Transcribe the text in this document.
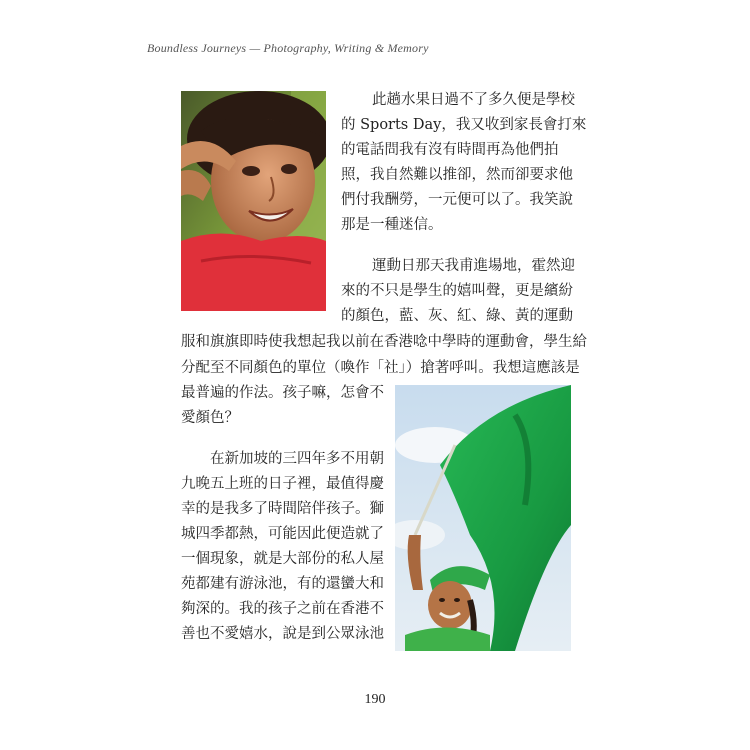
Boundless Journeys — Photography, Writing & Memory
此趟水果日過不了多久便是學校
的 Sports Day，我又收到家長會打來
的電話問我有沒有時間再為他們拍
照，我自然難以推卻，然而卻要求他
們付我酬勞，一元便可以了。我笑說
那是一種迷信。
運動日那天我甫進場地，霍然迎
來的不只是學生的嬉叫聲，更是繽紛
的顏色，藍、灰、紅、綠、黃的運動
服和旗旗即時使我想起我以前在香港唸中學時的運動會，學生給
分配至不同顏色的單位（喚作「社」）搶著呼叫。我想這應該是
最普遍的作法。孩子嘛，怎會不
愛顏色？
在新加坡的三四年多不用朝
九晚五上班的日子裡，最值得慶
幸的是我多了時間陪伴孩子。獅
城四季都熱，可能因此便造就了
一個現象，就是大部份的私人屋
苑都建有游泳池，有的還蠻大和
夠深的。我的孩子之前在香港不
善也不愛嬉水，說是到公眾泳池
190
